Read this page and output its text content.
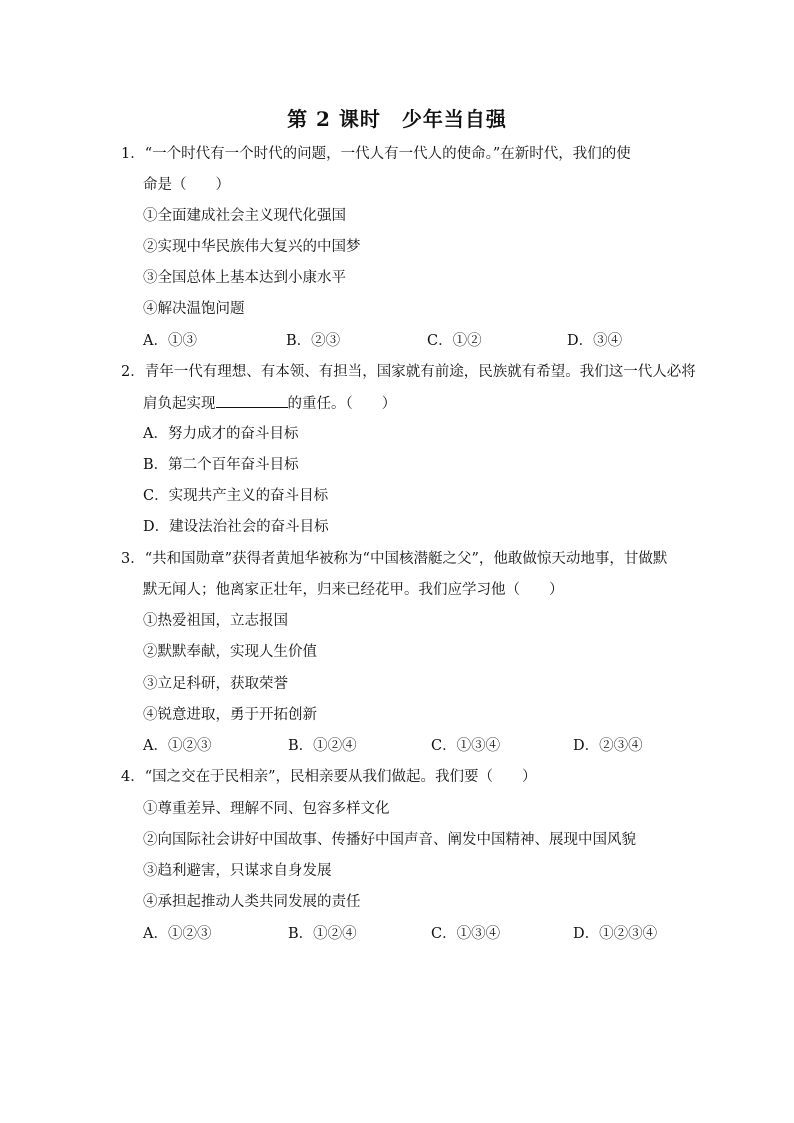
第 2 课时　少年当自强
1．“一个时代有一个时代的问题，一代人有一代人的使命。”在新时代，我们的使
命是（　　）
①全面建成社会主义现代化强国
②实现中华民族伟大复兴的中国梦
③全国总体上基本达到小康水平
④解决温饱问题
A．①③	B．②③	C．①②	D．③④
2．青年一代有理想、有本领、有担当，国家就有前途，民族就有希望。我们这一代人必将
肩负起实现	的重任。（　　）
A．努力成才的奋斗目标
B．第二个百年奋斗目标
C．实现共产主义的奋斗目标
D．建设法治社会的奋斗目标
3．“共和国勋章”获得者黄旭华被称为“中国核潜艇之父”，他敢做惊天动地事，甘做默
默无闻人；他离家正壮年，归来已经花甲。我们应学习他（　　）
①热爱祖国，立志报国
②默默奉献，实现人生价值
③立足科研，获取荣誉
④锐意进取，勇于开拓创新
A．①②③	B．①②④	C．①③④	D．②③④
4．“国之交在于民相亲”，民相亲要从我们做起。我们要（　　）
①尊重差异、理解不同、包容多样文化
②向国际社会讲好中国故事、传播好中国声音、阐发中国精神、展现中国风貌
③趋利避害，只谋求自身发展
④承担起推动人类共同发展的责任
A．①②③	B．①②④	C．①③④	D．①②③④
